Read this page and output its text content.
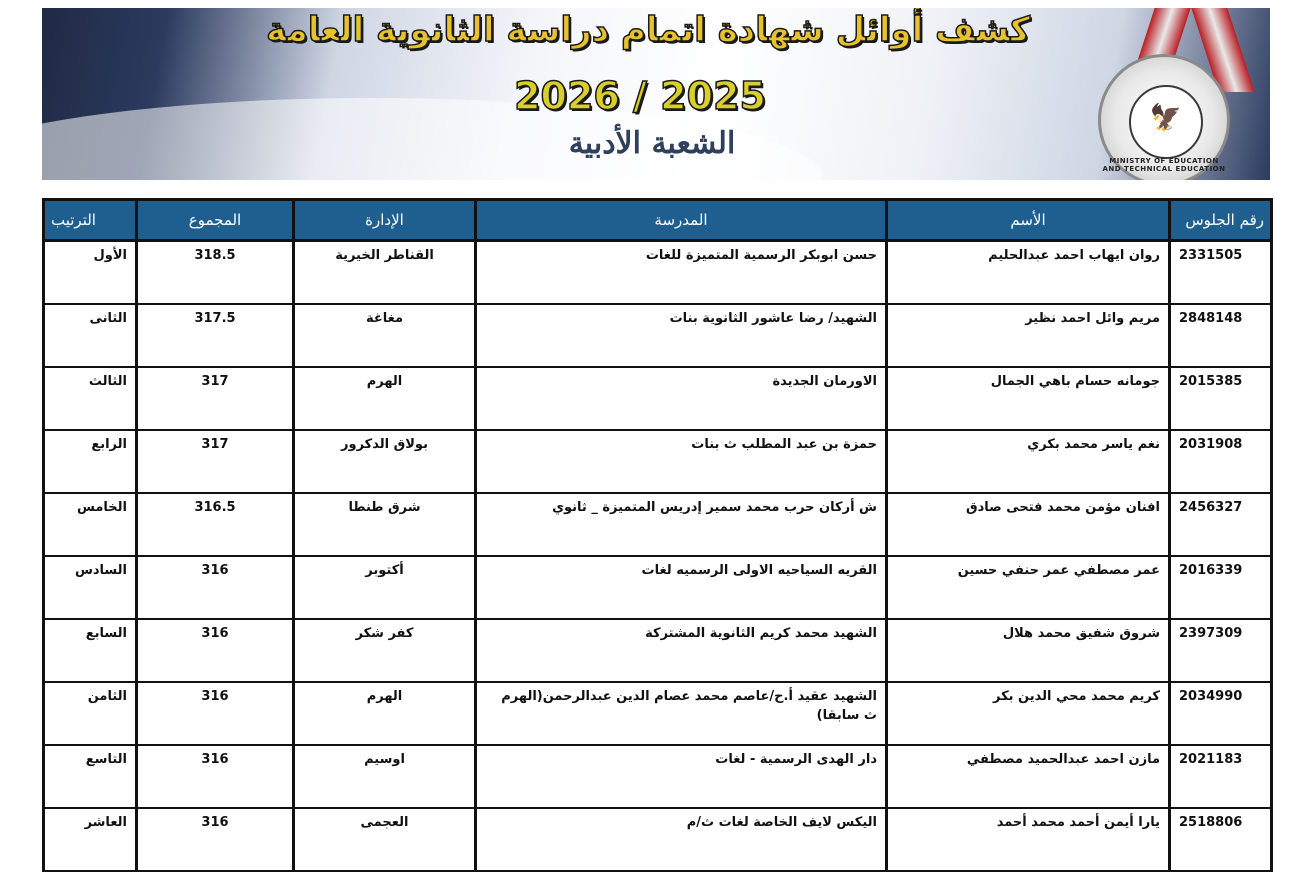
🦅
MINISTRY OF EDUCATION AND TECHNICAL EDUCATION
كشف أوائل شهادة اتمام دراسة الثانوية العامة
2026 / 2025
الشعبة الأدبية
رقم الجلوس	الأسم	المدرسة	الإدارة	المجموع	الترتيب
2331505	روان ايهاب احمد عبدالحليم	حسن ابوبكر الرسمية المتميزة للغات	القناطر الخيرية	318.5	الأول
2848148	مريم وائل احمد نظير	الشهيد/ رضا عاشور الثانوية بنات	مغاغة	317.5	الثانى
2015385	جومانه حسام باهي الجمال	الاورمان الجديدة	الهرم	317	الثالث
2031908	نغم ياسر محمد بكري	حمزة بن عبد المطلب ث بنات	بولاق الدكرور	317	الرابع
2456327	افنان مؤمن محمد فتحى صادق	ش أركان حرب محمد سمير إدريس المتميزة _ ثانوي	شرق طنطا	316.5	الخامس
2016339	عمر مصطفي عمر حنفي حسين	القريه السياحيه الاولى الرسميه لغات	أكتوبر	316	السادس
2397309	شروق شفيق محمد هلال	الشهيد محمد كريم الثانوية المشتركة	كفر شكر	316	السابع
2034990	كريم محمد محي الدين بكر	الشهيد عقيد أ.ح/عاصم محمد عصام الدين عبدالرحمن(الهرم ث سابقا)	الهرم	316	الثامن
2021183	مازن احمد عبدالحميد مصطفي	دار الهدى الرسمية - لغات	اوسيم	316	التاسع
2518806	يارا أيمن أحمد محمد أحمد	اليكس لايف الخاصة لغات ث/م	العجمى	316	العاشر
